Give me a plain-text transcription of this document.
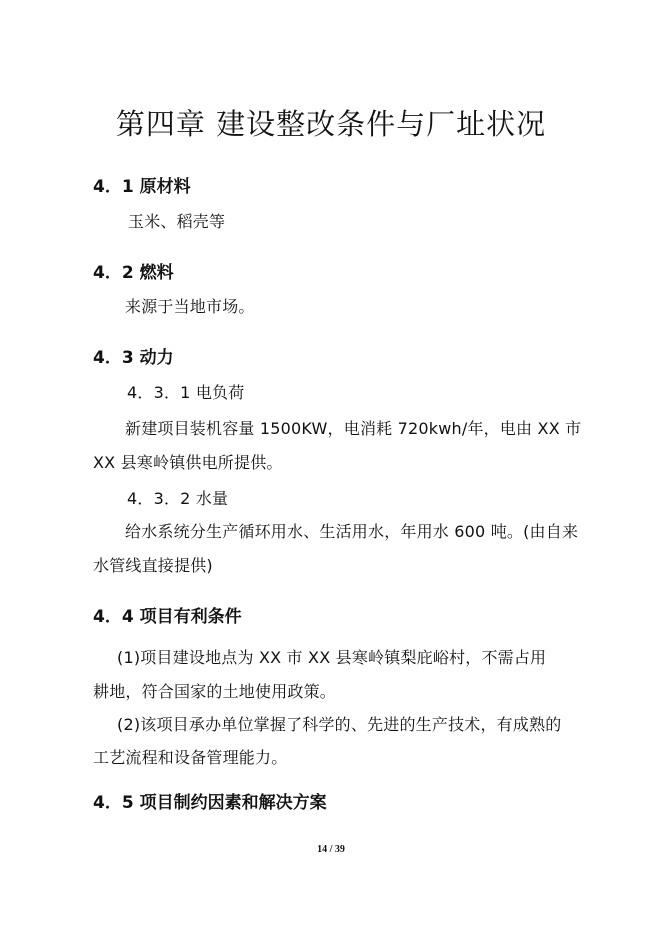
第四章 建设整改条件与厂址状况
4．1 原材料
玉米、稻壳等
4．2 燃料
来源于当地市场。
4．3 动力
4．3．1 电负荷
新建项目装机容量 1500KW，电消耗 720kwh/年，电由 XX 市
XX 县寒岭镇供电所提供。
4．3．2 水量
给水系统分生产循环用水、生活用水，年用水 600 吨。(由自来
水管线直接提供)
4．4 项目有利条件
(1)项目建设地点为 XX 市 XX 县寒岭镇梨庇峪村，不需占用
耕地，符合国家的土地使用政策。
(2)该项目承办单位掌握了科学的、先进的生产技术，有成熟的
工艺流程和设备管理能力。
4．5 项目制约因素和解决方案
14 / 39
